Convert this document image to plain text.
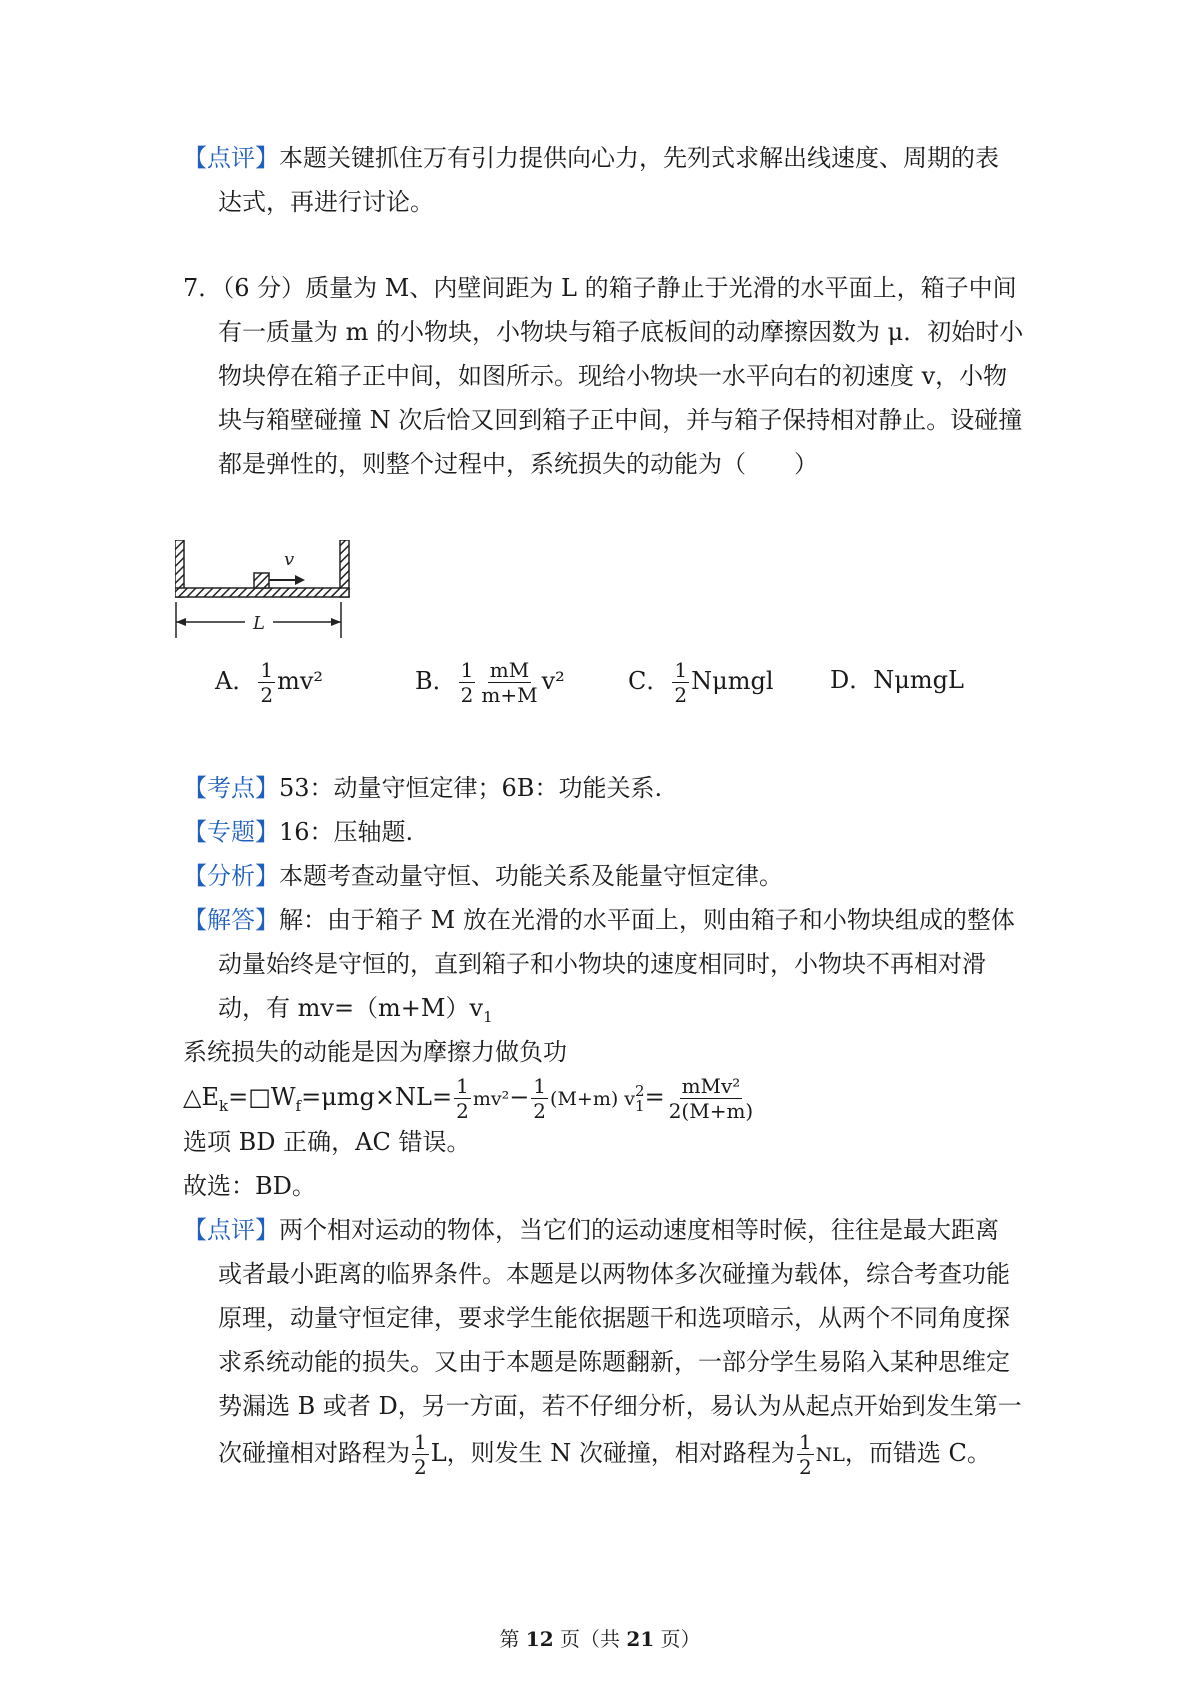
【点评】本题关键抓住万有引力提供向心力，先列式求解出线速度、周期的表
达式，再进行讨论。
7．（6 分）质量为 M、内壁间距为 L 的箱子静止于光滑的水平面上，箱子中间
有一质量为 m 的小物块，小物块与箱子底板间的动摩擦因数为 μ．初始时小
物块停在箱子正中间，如图所示。现给小物块一水平向右的初速度 v，小物
块与箱壁碰撞 N 次后恰又回到箱子正中间，并与箱子保持相对静止。设碰撞
都是弹性的，则整个过程中，系统损失的动能为（　　）
v
L
A． $\frac{1}{2} mv^2$	B． $\frac{1}{2} \frac{mM}{m+M} v^2$	C． $\frac{1}{2}$ Nμmgl D．NμmgL
【考点】53：动量守恒定律；6B：功能关系.
【专题】16：压轴题.
【分析】本题考查动量守恒、功能关系及能量守恒定律。
【解答】解：由于箱子 M 放在光滑的水平面上，则由箱子和小物块组成的整体
动量始终是守恒的，直到箱子和小物块的速度相同时，小物块不再相对滑
动，有 $mv=(m+M)v_1$
系统损失的动能是因为摩擦力做负功
$\triangle E_k=□W_f=\mu mg\times NL= \frac{1}{2} mv^2- \frac{1}{2} (M+m)$ v 2
$1 = \frac{\text{mMv²}}{2(M+m)}$
选项 BD 正确，AC 错误。
故选：BD。
【点评】两个相对运动的物体，当它们的运动速度相等时候，往往是最大距离
或者最小距离的临界条件。本题是以两物体多次碰撞为载体，综合考查功能
原理，动量守恒定律，要求学生能依据题干和选项暗示，从两个不同角度探
求系统动能的损失。又由于本题是陈题翻新，一部分学生易陷入某种思维定
势漏选 B 或者 D，另一方面，若不仔细分析，易认为从起点开始到发生第一
次碰撞相对路程为 $\frac{1}{2}$ L，则发生 N 次碰撞，相对路程为 $\frac{1}{2}$ NL，而错选 C。
第 12 页（共 21 页）
